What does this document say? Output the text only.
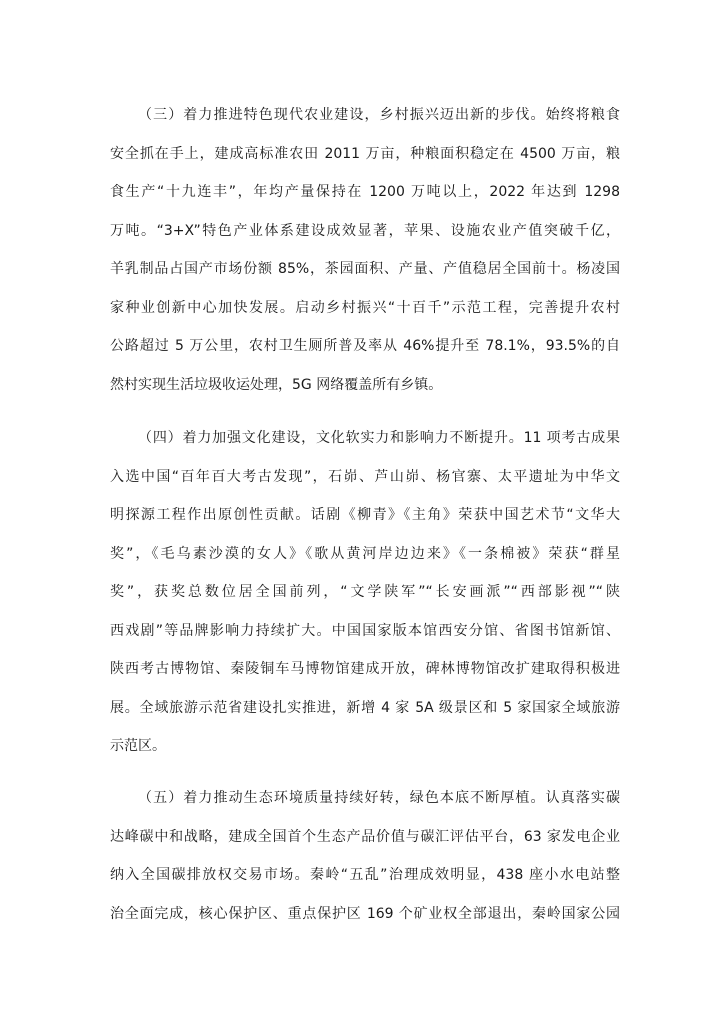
（三）着力推进特色现代农业建设，乡村振兴迈出新的步伐。始终将粮食
安全抓在手上，建成高标准农田 2011 万亩，种粮面积稳定在 4500 万亩，粮
食生产“十九连丰”，年均产量保持在 1200 万吨以上，2022 年达到 1298
万吨。“3+X”特色产业体系建设成效显著，苹果、设施农业产值突破千亿，
羊乳制品占国产市场份额 85%，茶园面积、产量、产值稳居全国前十。杨凌国
家种业创新中心加快发展。启动乡村振兴“十百千”示范工程，完善提升农村
公路超过 5 万公里，农村卫生厕所普及率从 46%提升至 78.1%，93.5%的自
然村实现生活垃圾收运处理，5G 网络覆盖所有乡镇。
（四）着力加强文化建设，文化软实力和影响力不断提升。11 项考古成果
入选中国“百年百大考古发现”，石峁、芦山峁、杨官寨、太平遗址为中华文
明探源工程作出原创性贡献。话剧《柳青》《主角》荣获中国艺术节“文华大
奖”，《毛乌素沙漠的女人》《歌从黄河岸边边来》《一条棉被》荣获“群星
奖”，获奖总数位居全国前列，“文学陕军”“长安画派”“西部影视”“陕
西戏剧”等品牌影响力持续扩大。中国国家版本馆西安分馆、省图书馆新馆、
陕西考古博物馆、秦陵铜车马博物馆建成开放，碑林博物馆改扩建取得积极进
展。全域旅游示范省建设扎实推进，新增 4 家 5A 级景区和 5 家国家全域旅游
示范区。
（五）着力推动生态环境质量持续好转，绿色本底不断厚植。认真落实碳
达峰碳中和战略，建成全国首个生态产品价值与碳汇评估平台，63 家发电企业
纳入全国碳排放权交易市场。秦岭“五乱”治理成效明显，438 座小水电站整
治全面完成，核心保护区、重点保护区 169 个矿业权全部退出，秦岭国家公园
